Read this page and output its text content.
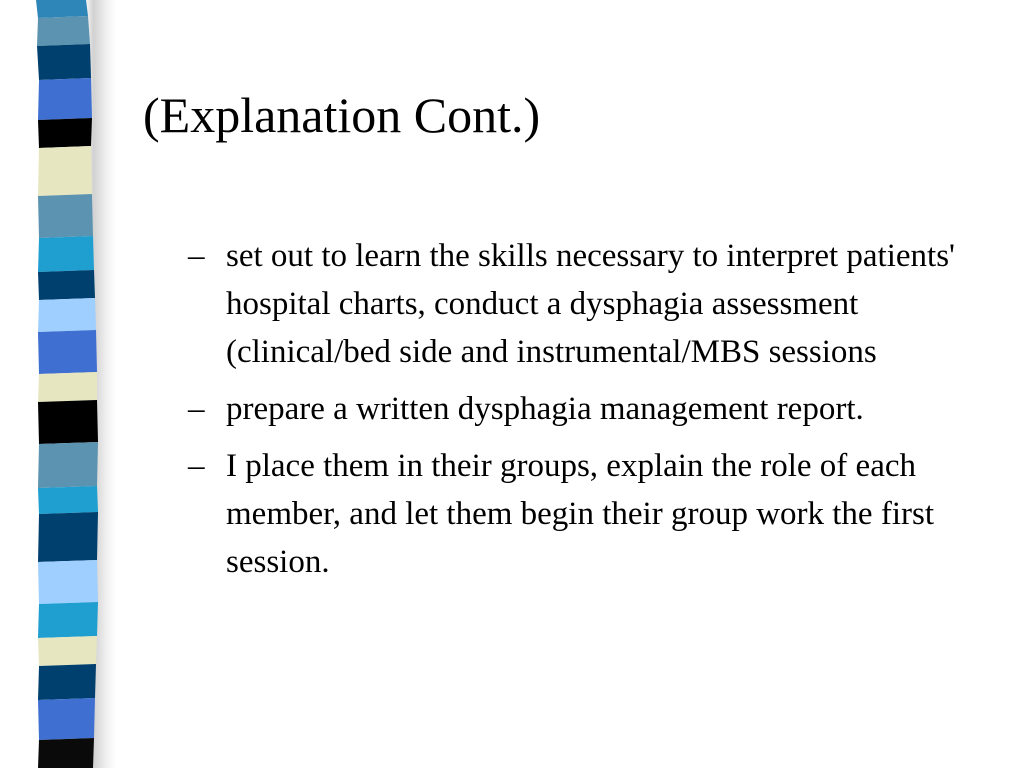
(Explanation Cont.)
– set out to learn the skills necessary to interpret patients' hospital charts, conduct a dysphagia assessment (clinical/bed side and instrumental/MBS sessions
– prepare a written dysphagia management report.
– I place them in their groups, explain the role of each member, and let them begin their group work the first session.
